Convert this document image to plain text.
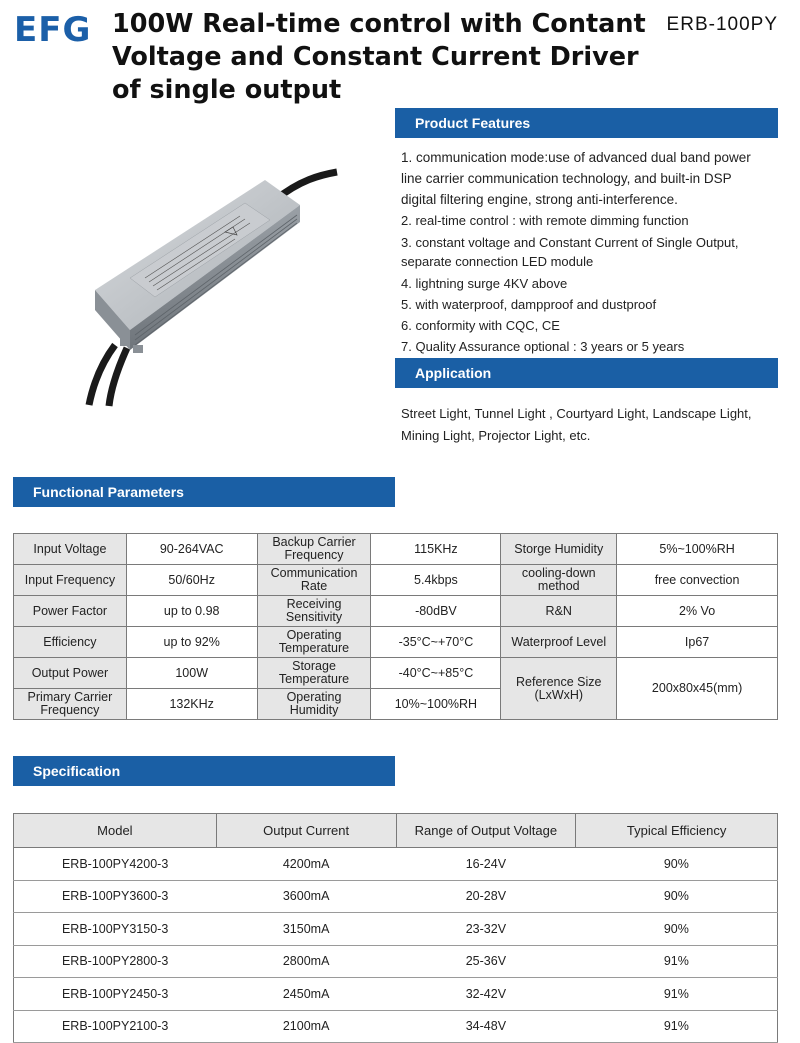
EFG 100W Real-time control with Contant Voltage and Constant Current Driver of single output
ERB-100PY
Product Features
1. communication mode:use of advanced dual band power
line carrier communication technology, and built-in DSP
digital filtering engine, strong anti-interference.
2. real-time control : with remote dimming function
3. constant voltage and Constant Current of Single Output,
separate connection LED module
4. lightning surge 4KV above
5. with waterproof, dampproof and dustproof
6. conformity with CQC, CE
7. Quality Assurance optional : 3 years or 5 years
Application
Street Light, Tunnel Light , Courtyard Light, Landscape Light,
Mining Light, Projector Light, etc.
Functional Parameters
Input Voltage	90-264VAC	Backup Carrier Frequency	115KHz	Storge Humidity	5%~100%RH
Input Frequency	50/60Hz	Communication Rate	5.4kbps	cooling-down method	free convection
Power Factor	up to 0.98	Receiving Sensitivity	-80dBV	R&N	2% Vo
Efficiency	up to 92%	Operating Temperature	-35°C~+70°C	Waterproof Level	Ip67
Output Power	100W	Storage Temperature	-40°C~+85°C	Reference Size (LxWxH)	200x80x45(mm)
Primary Carrier Frequency	132KHz	Operating Humidity	10%~100%RH		
Specification
Model	Output Current	Range of Output Voltage	Typical Efficiency
ERB-100PY4200-3	4200mA	16-24V	90%
ERB-100PY3600-3	3600mA	20-28V	90%
ERB-100PY3150-3	3150mA	23-32V	90%
ERB-100PY2800-3	2800mA	25-36V	91%
ERB-100PY2450-3	2450mA	32-42V	91%
ERB-100PY2100-3	2100mA	34-48V	91%
